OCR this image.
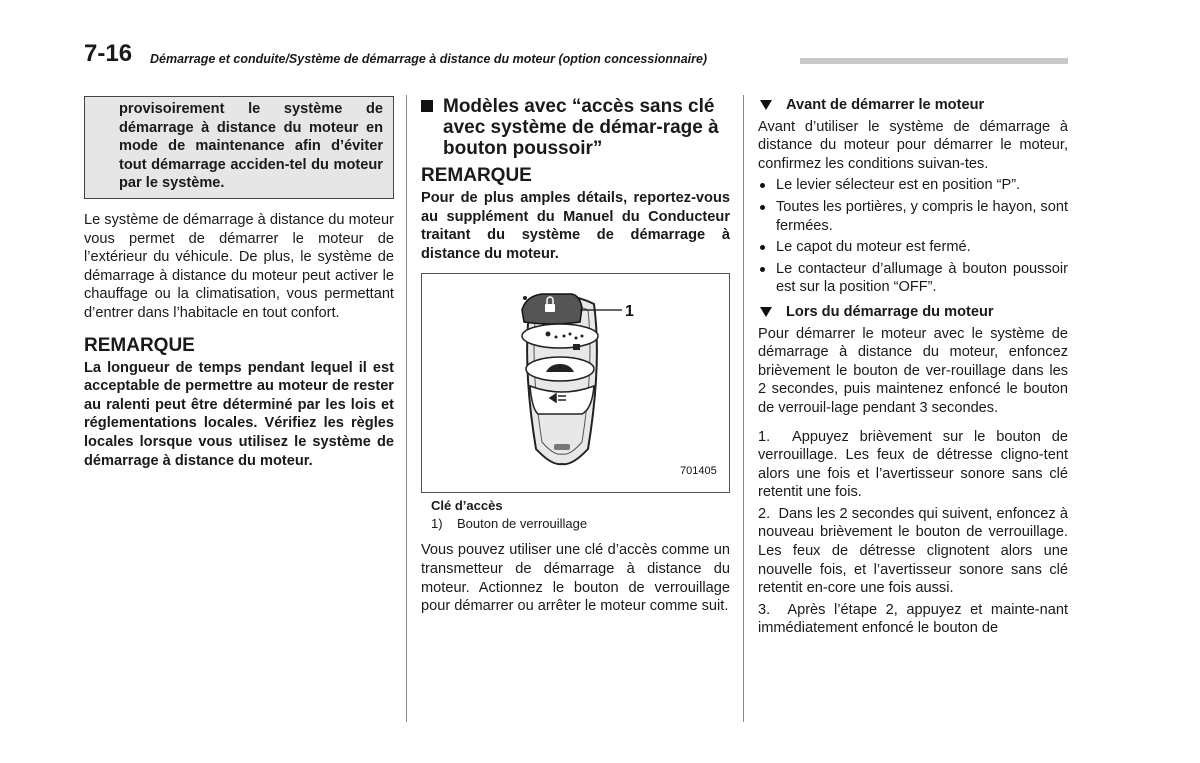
7-16 Démarrage et conduite/Système de démarrage à distance du moteur (option concessionnaire)
provisoirement le système de démarrage à distance du moteur en mode de maintenance afin d’éviter tout démarrage acciden-tel du moteur par le système.

Le système de démarrage à distance du moteur vous permet de démarrer le moteur de l’extérieur du véhicule. De plus, le système de démarrage à distance du moteur peut activer le chauffage ou la climatisation, vous permettant d’entrer dans l’habitacle en tout confort.

REMARQUE

La longueur de temps pendant lequel il est acceptable de permettre au moteur de rester au ralenti peut être déterminé par les lois et réglementations locales. Vérifiez les règles locales lorsque vous utilisez le système de démarrage à distance du moteur.

Modèles avec “accès sans clé avec système de démar-rage à bouton poussoir”
REMARQUE

Pour de plus amples détails, reportez-vous au supplément du Manuel du Conducteur traitant du système de démarrage à distance du moteur.

1
701405
Clé d’accès
1)    Bouton de verrouillage

Vous pouvez utiliser une clé d’accès comme un transmetteur de démarrage à distance du moteur. Actionnez le bouton de verrouillage pour démarrer ou arrêter le moteur comme suit.

Avant de démarrer le moteur

Avant d’utiliser le système de démarrage à distance du moteur pour démarrer le moteur, confirmez les conditions suivan-tes.

Le levier sélecteur est en position “P”.
Toutes les portières, y compris le hayon, sont fermées.
Le capot du moteur est fermé.
Le contacteur d’allumage à bouton poussoir est sur la position “OFF”.
Lors du démarrage du moteur

Pour démarrer le moteur avec le système de démarrage à distance du moteur, enfoncez brièvement le bouton de ver-rouillage dans les 2 secondes, puis maintenez enfoncé le bouton de verrouil-lage pendant 3 secondes.

1.  Appuyez brièvement sur le bouton de verrouillage. Les feux de détresse cligno-tent alors une fois et l’avertisseur sonore sans clé retentit une fois.

2.  Dans les 2 secondes qui suivent, enfoncez à nouveau brièvement le bouton de verrouillage. Les feux de détresse clignotent alors une nouvelle fois, et l’avertisseur sonore sans clé retentit en-core une fois aussi.

3.  Après l’étape 2, appuyez et mainte-nant immédiatement enfoncé le bouton de
